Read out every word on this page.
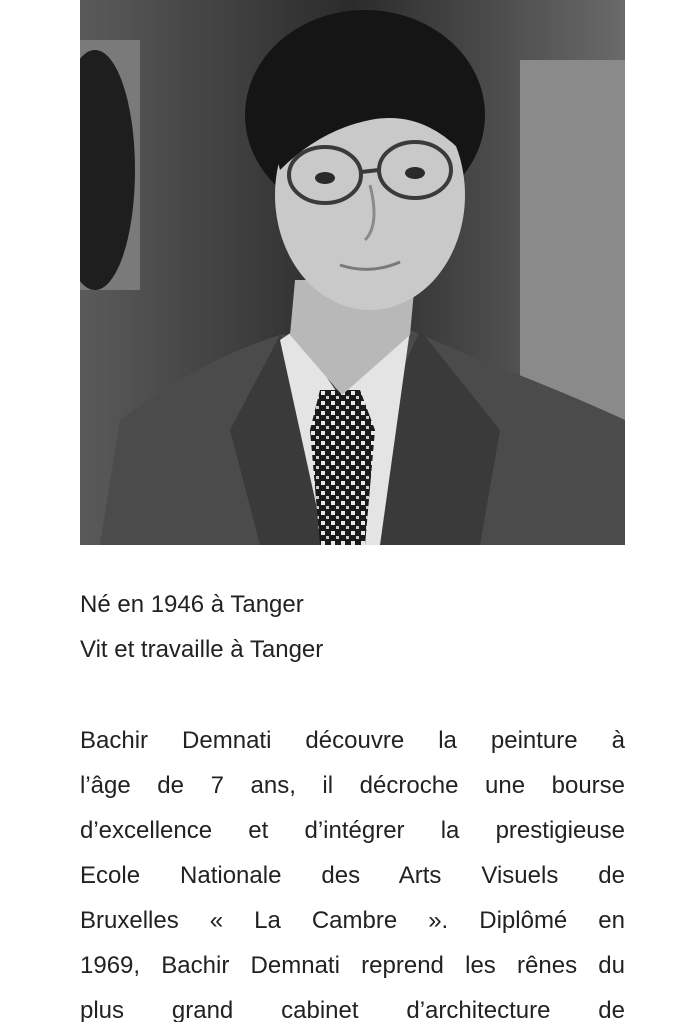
Né en 1946 à Tanger

Vit et travaille à Tanger

Bachir Demnati découvre la peinture à
l’âge de 7 ans, il décroche une bourse
d’excellence et d’intégrer la prestigieuse
Ecole Nationale des Arts Visuels de
Bruxelles « La Cambre ». Diplômé en
1969, Bachir Demnati reprend les rênes du
plus grand cabinet d’architecture de
